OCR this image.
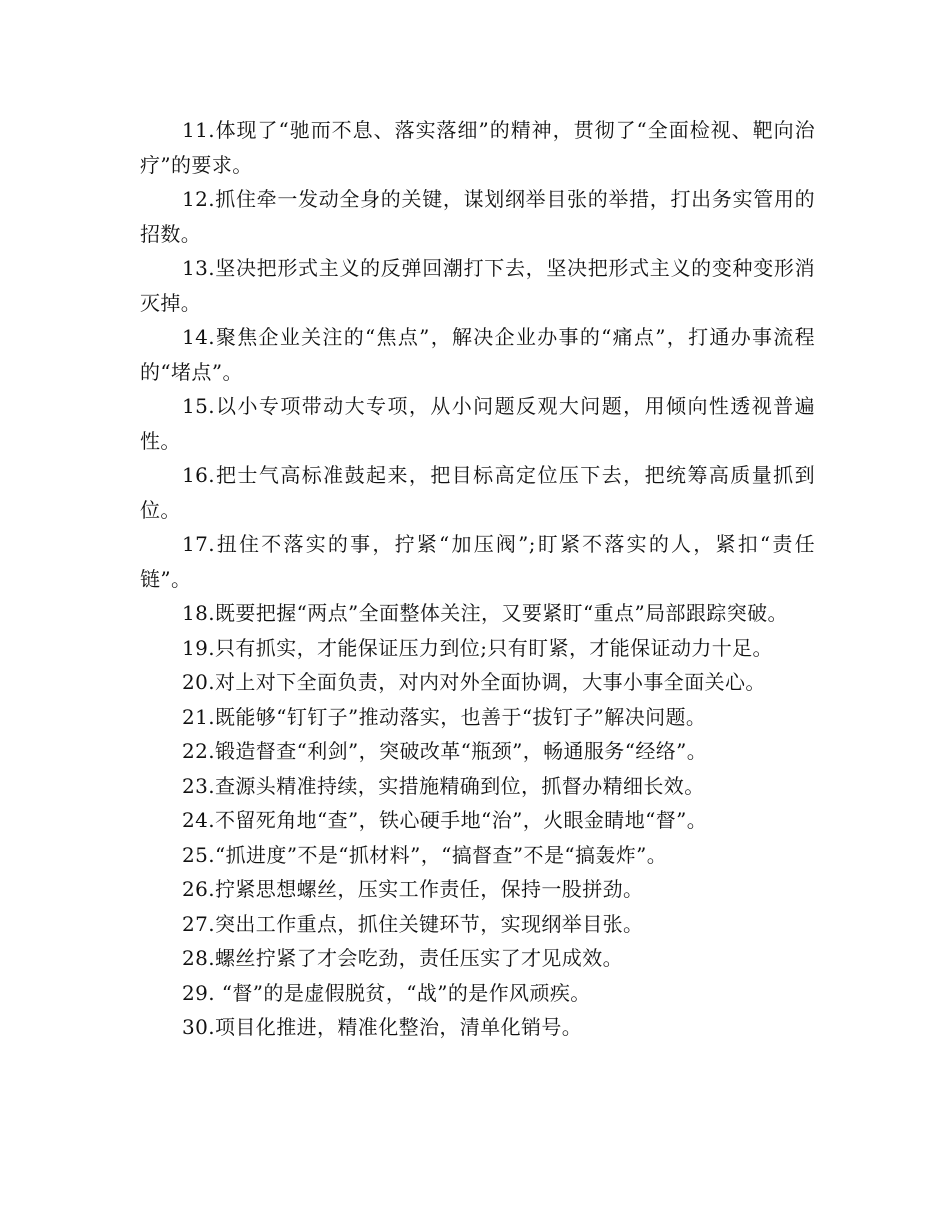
11.体现了“驰而不息、落实落细”的精神，贯彻了“全面检视、靶向治疗”的要求。

12.抓住牵一发动全身的关键，谋划纲举目张的举措，打出务实管用的招数。

13.坚决把形式主义的反弹回潮打下去，坚决把形式主义的变种变形消灭掉。

14.聚焦企业关注的“焦点”，解决企业办事的“痛点”，打通办事流程的“堵点”。

15.以小专项带动大专项，从小问题反观大问题，用倾向性透视普遍性。

16.把士气高标准鼓起来，把目标高定位压下去，把统筹高质量抓到位。

17.扭住不落实的事，拧紧“加压阀”;盯紧不落实的人，紧扣“责任链”。

18.既要把握“两点”全面整体关注，又要紧盯“重点”局部跟踪突破。

19.只有抓实，才能保证压力到位;只有盯紧，才能保证动力十足。

20.对上对下全面负责，对内对外全面协调，大事小事全面关心。

21.既能够“钉钉子”推动落实，也善于“拔钉子”解决问题。

22.锻造督查“利剑”，突破改革“瓶颈”，畅通服务“经络”。

23.查源头精准持续，实措施精确到位，抓督办精细长效。

24.不留死角地“查”，铁心硬手地“治”，火眼金睛地“督”。

25.“抓进度”不是“抓材料”，“搞督查”不是“搞轰炸”。

26.拧紧思想螺丝，压实工作责任，保持一股拼劲。

27.突出工作重点，抓住关键环节，实现纲举目张。

28.螺丝拧紧了才会吃劲，责任压实了才见成效。

29. “督”的是虚假脱贫，“战”的是作风顽疾。

30.项目化推进，精准化整治，清单化销号。
